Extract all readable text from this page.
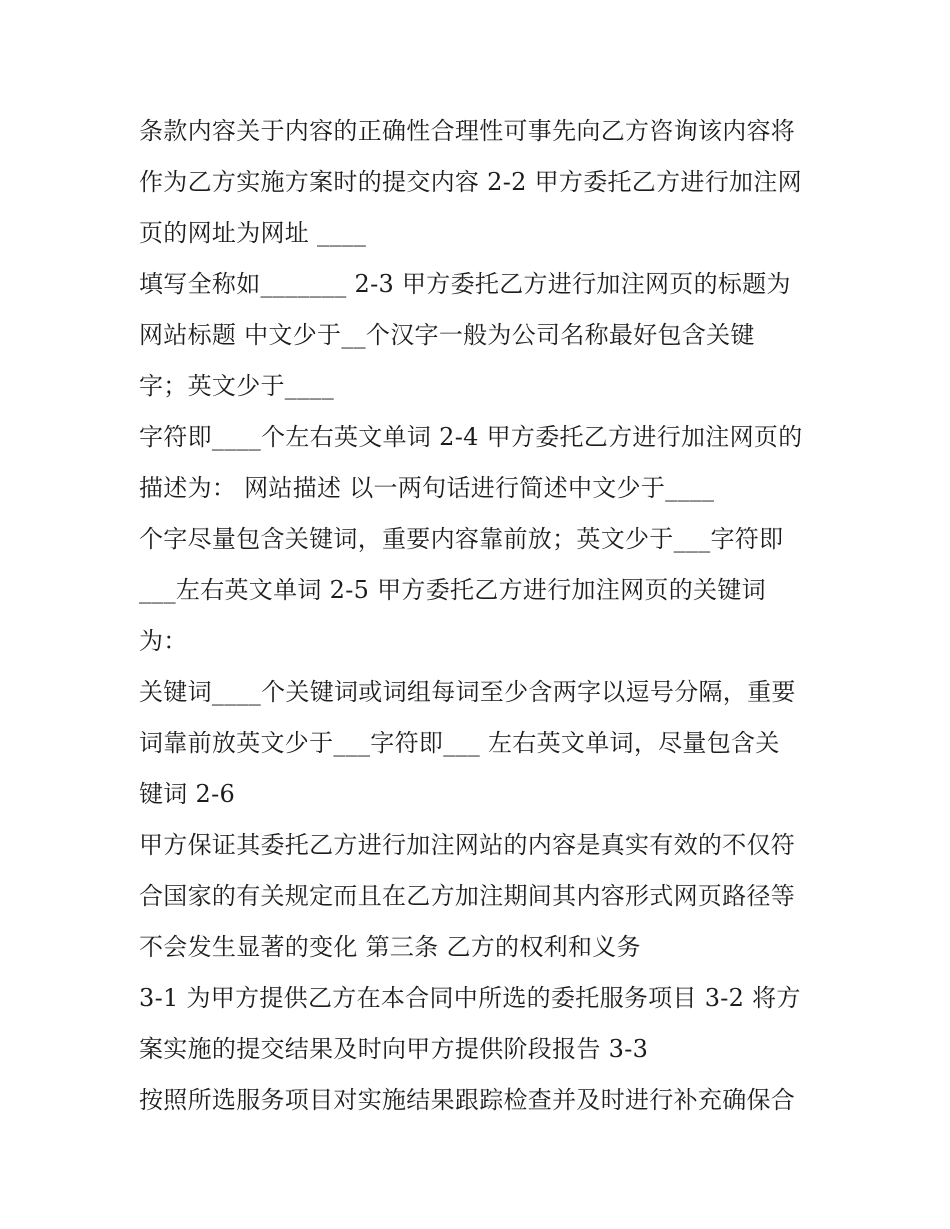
条款内容关于内容的正确性合理性可事先向乙方咨询该内容将
作为乙方实施方案时的提交内容 2-2 甲方委托乙方进行加注网
页的网址为网址 ____
填写全称如_______ 2-3 甲方委托乙方进行加注网页的标题为
网站标题 中文少于__个汉字一般为公司名称最好包含关键
字；英文少于____
字符即____个左右英文单词 2-4 甲方委托乙方进行加注网页的
描述为： 网站描述 以一两句话进行简述中文少于____
个字尽量包含关键词，重要内容靠前放；英文少于___字符即
___左右英文单词 2-5 甲方委托乙方进行加注网页的关键词
为：
关键词____个关键词或词组每词至少含两字以逗号分隔，重要
词靠前放英文少于___字符即___ 左右英文单词，尽量包含关
键词 2-6
甲方保证其委托乙方进行加注网站的内容是真实有效的不仅符
合国家的有关规定而且在乙方加注期间其内容形式网页路径等
不会发生显著的变化 第三条 乙方的权利和义务
3-1 为甲方提供乙方在本合同中所选的委托服务项目 3-2 将方
案实施的提交结果及时向甲方提供阶段报告 3-3
按照所选服务项目对实施结果跟踪检查并及时进行补充确保合
